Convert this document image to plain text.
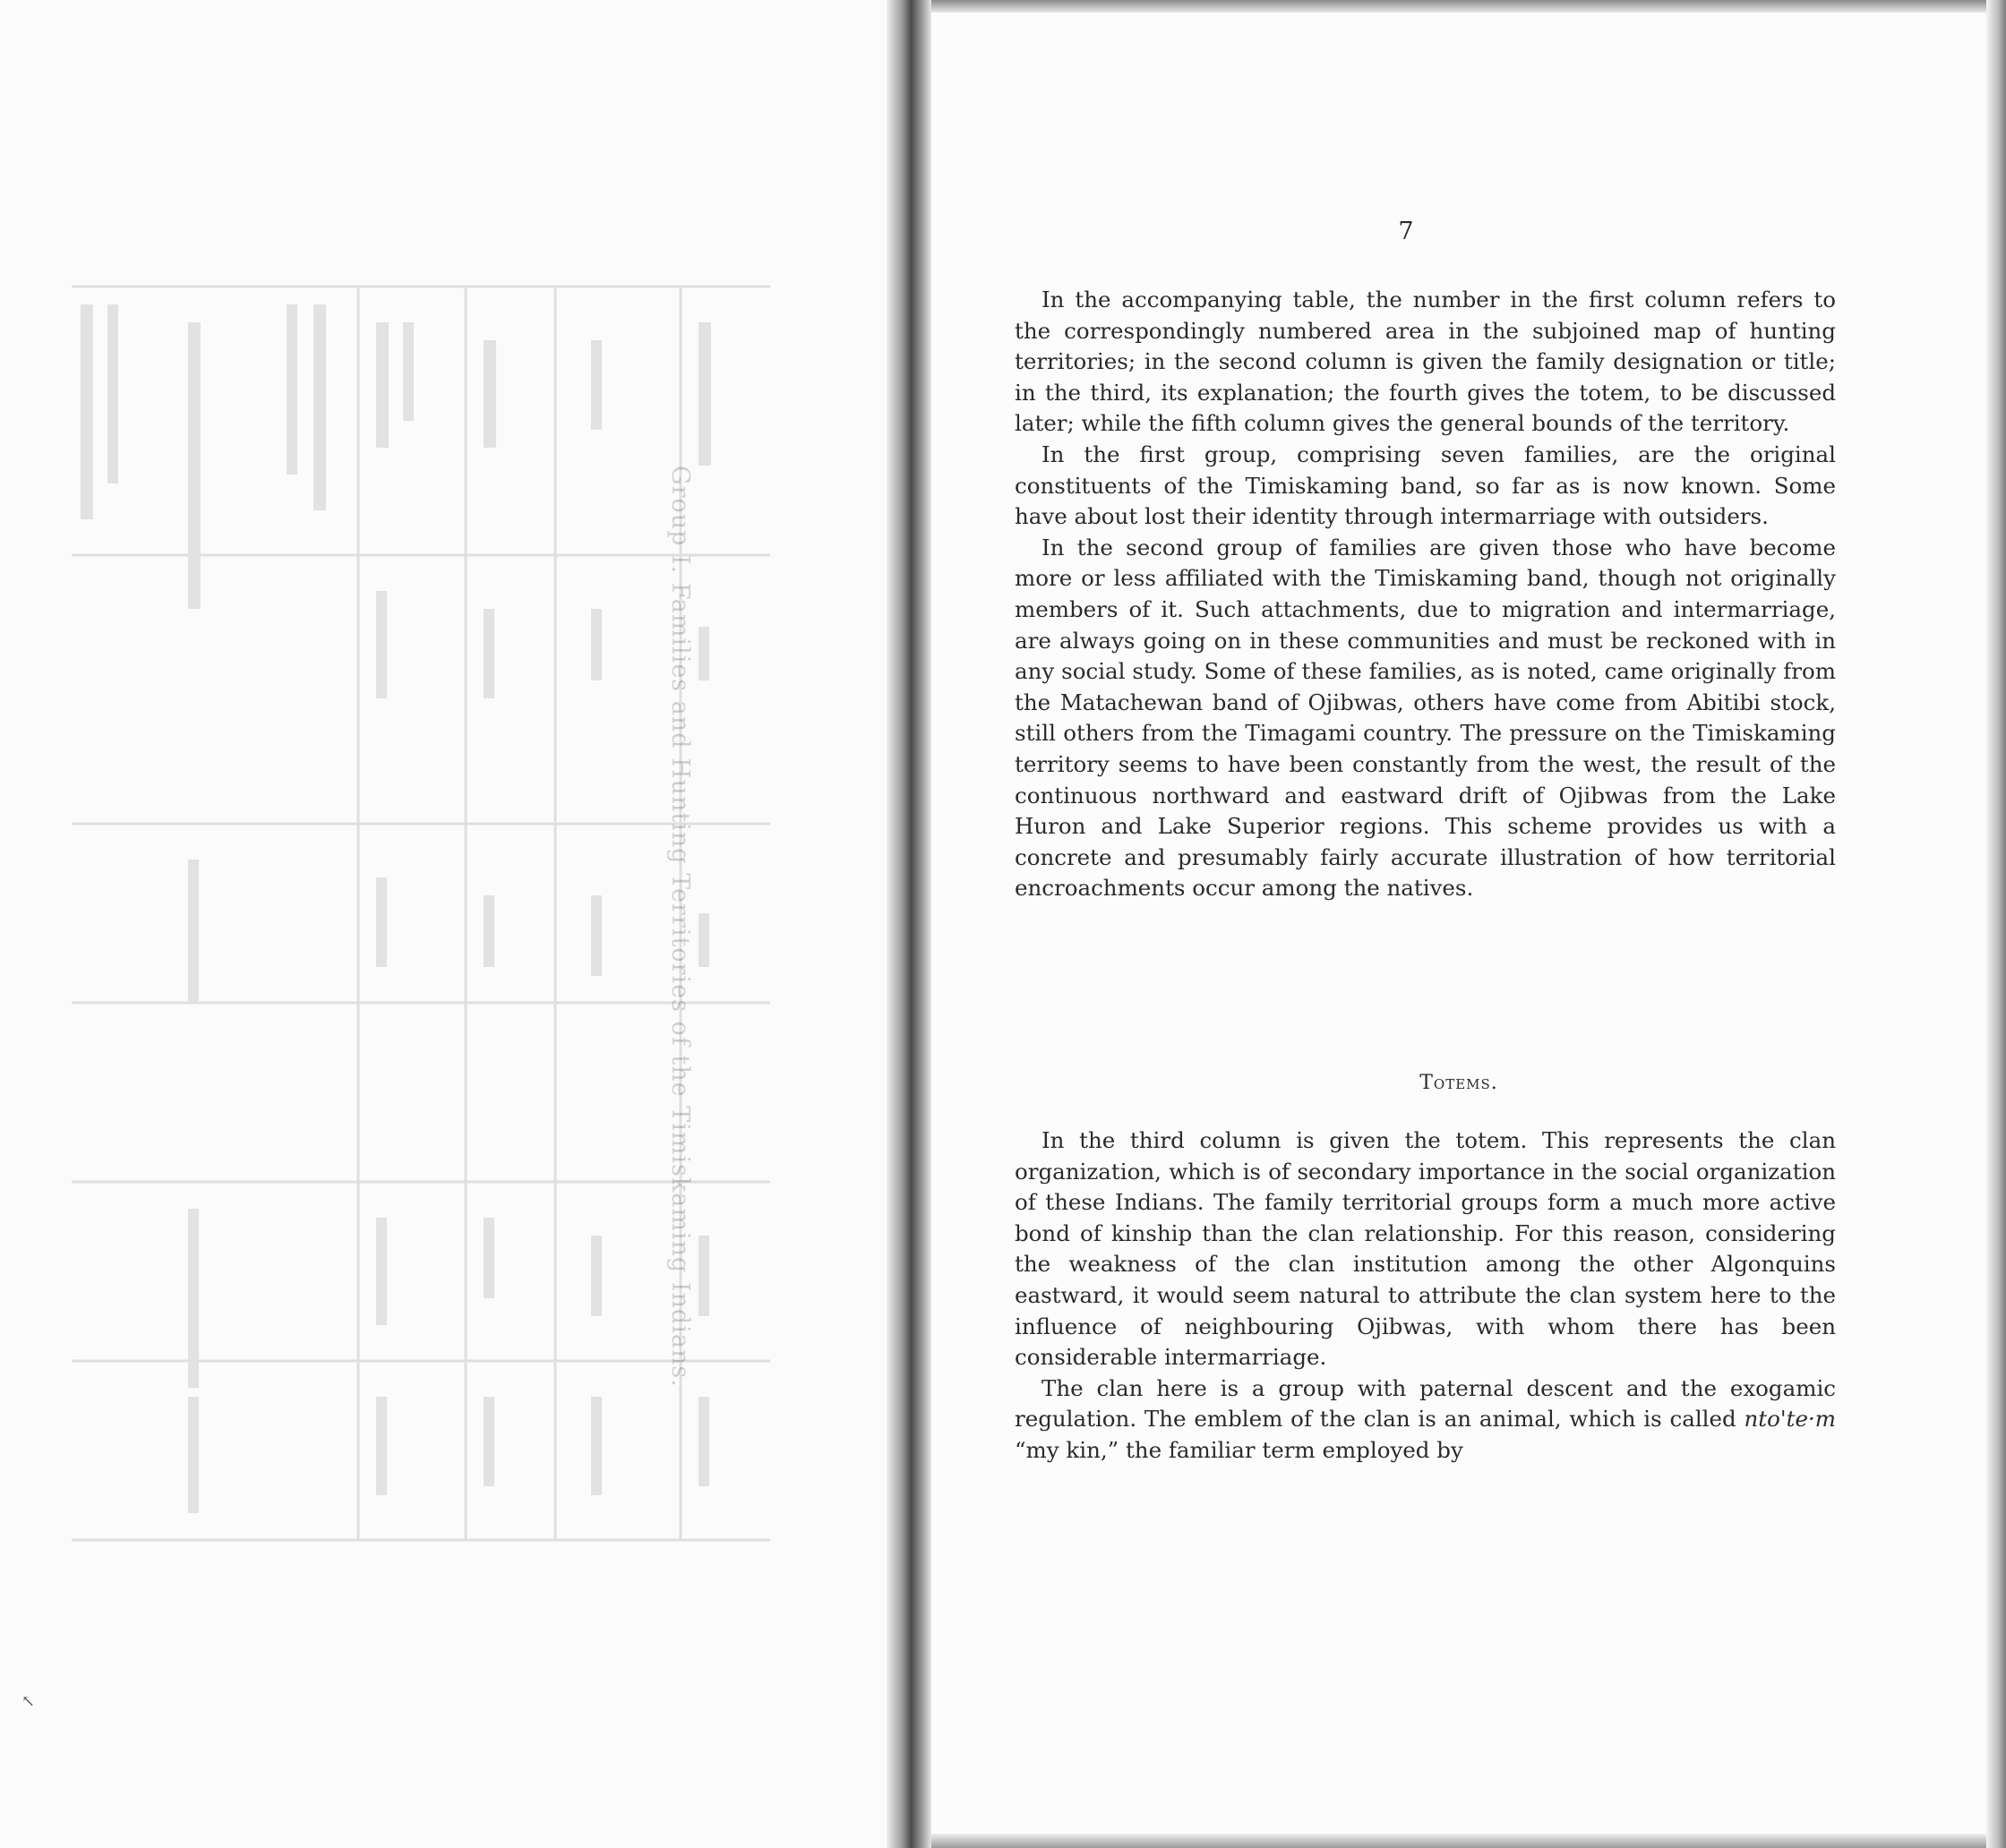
Group I. Families and Hunting Territories of the Timiskaming Indians.
↖
7

In the accompanying table, the number in the first column refers to the correspondingly numbered area in the subjoined map of hunting territories; in the second column is given the family designation or title; in the third, its explanation; the fourth gives the totem, to be discussed later; while the fifth column gives the general bounds of the territory.

In the first group, comprising seven families, are the original constituents of the Timiskaming band, so far as is now known. Some have about lost their identity through intermarriage with outsiders.

In the second group of families are given those who have become more or less affiliated with the Timiskaming band, though not originally members of it. Such attachments, due to migration and intermarriage, are always going on in these communities and must be reckoned with in any social study. Some of these families, as is noted, came originally from the Matachewan band of Ojibwas, others have come from Abitibi stock, still others from the Timagami country. The pressure on the Timiskaming territory seems to have been constantly from the west, the result of the continuous northward and eastward drift of Ojibwas from the Lake Huron and Lake Superior regions. This scheme provides us with a concrete and presumably fairly accurate illustration of how territorial encroachments occur among the natives.

Totems.

In the third column is given the totem. This represents the clan organization, which is of secondary importance in the social organization of these Indians. The family territorial groups form a much more active bond of kinship than the clan relationship. For this reason, considering the weakness of the clan institution among the other Algonquins eastward, it would seem natural to attribute the clan system here to the influence of neighbouring Ojibwas, with whom there has been considerable intermarriage.

The clan here is a group with paternal descent and the exogamic regulation. The emblem of the clan is an animal, which is called nto'te·m “my kin,” the familiar term employed by
